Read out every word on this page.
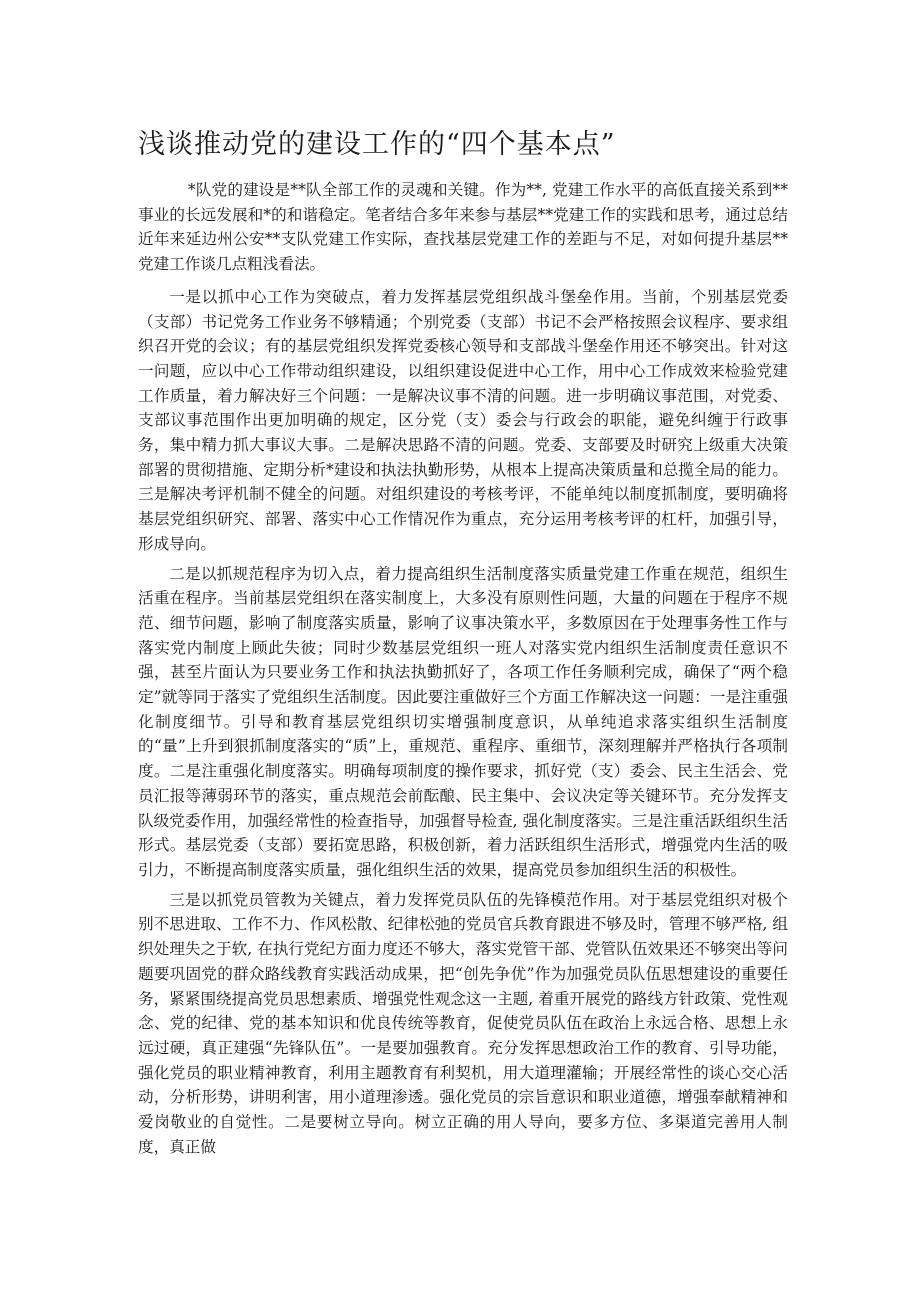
浅谈推动党的建设工作的“四个基本点”

*队党的建设是**队全部工作的灵魂和关键。作为**, 党建工作水平的高低直接关系到**事业的长远发展和*的和谐稳定。笔者结合多年来参与基层**党建工作的实践和思考，通过总结近年来延边州公安**支队党建工作实际，查找基层党建工作的差距与不足，对如何提升基层**党建工作谈几点粗浅看法。

一是以抓中心工作为突破点，着力发挥基层党组织战斗堡垒作用。当前，个别基层党委（支部）书记党务工作业务不够精通；个别党委（支部）书记不会严格按照会议程序、要求组织召开党的会议；有的基层党组织发挥党委核心领导和支部战斗堡垒作用还不够突出。针对这一问题，应以中心工作带动组织建设，以组织建设促进中心工作，用中心工作成效来检验党建工作质量，着力解决好三个问题：一是解决议事不清的问题。进一步明确议事范围，对党委、支部议事范围作出更加明确的规定，区分党（支）委会与行政会的职能，避免纠缠于行政事务，集中精力抓大事议大事。二是解决思路不清的问题。党委、支部要及时研究上级重大决策部署的贯彻措施、定期分析*建设和执法执勤形势，从根本上提高决策质量和总揽全局的能力。三是解决考评机制不健全的问题。对组织建设的考核考评，不能单纯以制度抓制度，要明确将基层党组织研究、部署、落实中心工作情况作为重点，充分运用考核考评的杠杆，加强引导，形成导向。

二是以抓规范程序为切入点，着力提高组织生活制度落实质量党建工作重在规范，组织生活重在程序。当前基层党组织在落实制度上，大多没有原则性问题，大量的问题在于程序不规范、细节问题，影响了制度落实质量，影响了议事决策水平，多数原因在于处理事务性工作与落实党内制度上顾此失彼；同时少数基层党组织一班人对落实党内组织生活制度责任意识不强，甚至片面认为只要业务工作和执法执勤抓好了，各项工作任务顺利完成，确保了“两个稳定”就等同于落实了党组织生活制度。因此要注重做好三个方面工作解决这一问题：一是注重强化制度细节。引导和教育基层党组织切实增强制度意识，从单纯追求落实组织生活制度的“量”上升到狠抓制度落实的“质”上，重规范、重程序、重细节，深刻理解并严格执行各项制度。二是注重强化制度落实。明确每项制度的操作要求，抓好党（支）委会、民主生活会、党员汇报等薄弱环节的落实，重点规范会前酝酿、民主集中、会议决定等关键环节。充分发挥支队级党委作用，加强经常性的检查指导，加强督导检查, 强化制度落实。三是注重活跃组织生活形式。基层党委（支部）要拓宽思路，积极创新，着力活跃组织生活形式，增强党内生活的吸引力，不断提高制度落实质量，强化组织生活的效果，提高党员参加组织生活的积极性。

三是以抓党员管教为关键点，着力发挥党员队伍的先锋模范作用。对于基层党组织对极个别不思进取、工作不力、作风松散、纪律松弛的党员官兵教育跟进不够及时，管理不够严格, 组织处理失之于软, 在执行党纪方面力度还不够大，落实党管干部、党管队伍效果还不够突出等问题要巩固党的群众路线教育实践活动成果，把“创先争优”作为加强党员队伍思想建设的重要任务，紧紧围绕提高党员思想素质、增强党性观念这一主题, 着重开展党的路线方针政策、党性观念、党的纪律、党的基本知识和优良传统等教育，促使党员队伍在政治上永远合格、思想上永远过硬，真正建强“先锋队伍”。一是要加强教育。充分发挥思想政治工作的教育、引导功能，强化党员的职业精神教育，利用主题教育有利契机，用大道理灌输；开展经常性的谈心交心活动，分析形势，讲明利害，用小道理渗透。强化党员的宗旨意识和职业道德，增强奉献精神和爱岗敬业的自觉性。二是要树立导向。树立正确的用人导向，要多方位、多渠道完善用人制度，真正做
